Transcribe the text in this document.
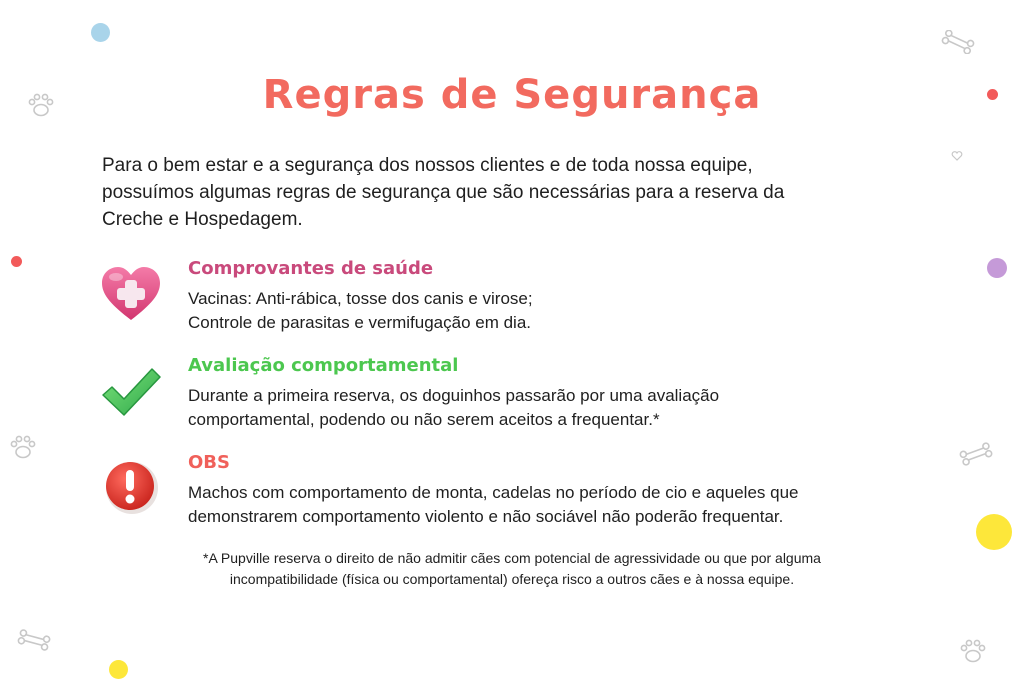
Regras de Segurança
Para o bem estar e a segurança dos nossos clientes e de toda nossa equipe,
possuímos algumas regras de segurança que são necessárias para a reserva da
Creche e Hospedagem.
Comprovantes de saúde
Vacinas: Anti-rábica, tosse dos canis e virose;
Controle de parasitas e vermifugação em dia.
Avaliação comportamental
Durante a primeira reserva, os doguinhos passarão por uma avaliação
comportamental, podendo ou não serem aceitos a frequentar.*
OBS
Machos com comportamento de monta, cadelas no período de cio e aqueles que
demonstrarem comportamento violento e não sociável não poderão frequentar.
*A Pupville reserva o direito de não admitir cães com potencial de agressividade ou que por alguma
incompatibilidade (física ou comportamental) ofereça risco a outros cães e à nossa equipe.
